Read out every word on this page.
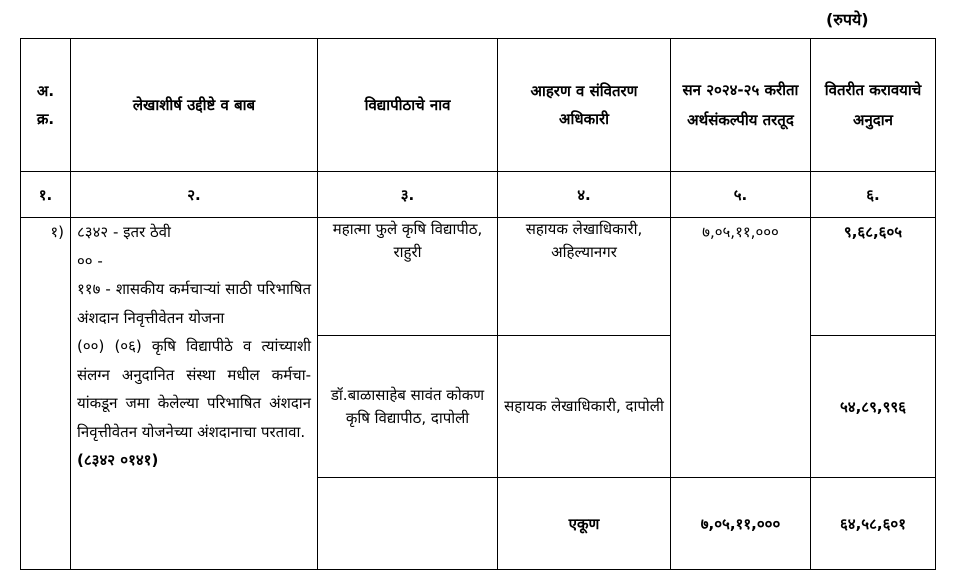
(रुपये)
अ. क्र.	लेखाशीर्ष उद्दीष्टे व बाब	विद्यापीठाचे नाव	आहरण व संवितरण अधिकारी	सन २०२४-२५ करीता अर्थसंकल्पीय तरतूद	वितरीत करावयाचे अनुदान
१.	२.	३.	४.	५.	६.
१)	८३४२ - इतर ठेवी
०० -
११७ - शासकीय कर्मचाऱ्यां साठी परिभाषित अंशदान निवृत्तीवेतन योजना
(००) (०६) कृषि विद्यापीठे व त्यांच्याशी संलग्न अनुदानित संस्था मधील कर्मचा-यांकडून जमा केलेल्या परिभाषित अंशदान निवृत्तीवेतन योजनेच्या अंशदानाचा परतावा.
(८३४२ ०१४१)	महात्मा फुले कृषि विद्यापीठ, राहुरी	सहायक लेखाधिकारी, अहिल्यानगर	७,०५,११,०००	९,६८,६०५
		डॉ.बाळासाहेब सावंत कोकण कृषि विद्यापीठ, दापोली	सहायक लेखाधिकारी, दापोली		५४,८९,९९६
			एकूण	७,०५,११,०००	६४,५८,६०१
